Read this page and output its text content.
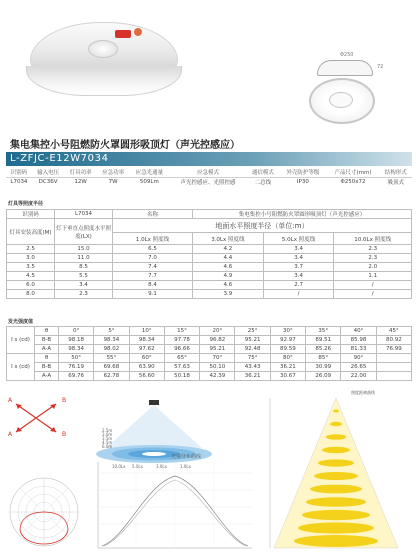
Φ250
72
集电集控小号阻燃防火罩圆形吸顶灯（声光控感应）
L-ZFJC-E12W7034
识别码	输入电压	灯具功率	应急功率	应急光通量	应急模式	通信模式	外壳防护等级	产品尺寸(mm)	结构形式
L7034	DC36V	12W	7W	509Lm	声光控感应、光照控感	二总线	IP30	Φ250x72	吸顶式
灯具等照度半径
识别码	L7034	名称	集电集控小号阻燃防火罩圆形吸顶灯（声光控感应）		
灯具安装高度(M)	灯下垂直点照度水平照度(LX)	地面水平照度半径（单位:m）			
		1.0Lx 照度线	3.0Lx 照度线	5.0Lx 照度线	10.0Lx 照度线
2.5	15.0	6.5	4.2	3.4	2.3
3.0	11.0	7.0	4.4	3.4	2.3
3.5	8.5	7.4	4.6	3.7	2.0
4.5	5.5	7.7	4.9	3.4	1.1
6.0	3.4	8.4	4.6	2.7	/
8.0	2.3	9.1	3.9	/	/
发光强度值
I s (cd)	θ	0°	5°	10°	15°	20°	25°	30°	35°	40°	45°
	B-B	98.18	98.34	98.34	97.78	96.82	95.21	92.97	89.51	85.98	80.92
	A-A	98.34	98.02	97.62	96.66	95.21	92.48	89.59	85.26	81.33	76.99
I s (cd)	θ	50°	55°	60°	65°	70°	75°	80°	85°	90°	
	B-B	76.19	69.68	63.90	57.63	50.10	43.43	36.21	30.99	26.65	
	A-A	69.76	62.78	56.60	50.18	42.39	36.21	30.67	26.09	22.00	
B
B
A
A
2.5m
3.0m
3.5m
4.5m
6.0m
10.0Lx 5.0Lx	3.0Lx	1.0Lx
光强分布曲线
照度距离曲线
